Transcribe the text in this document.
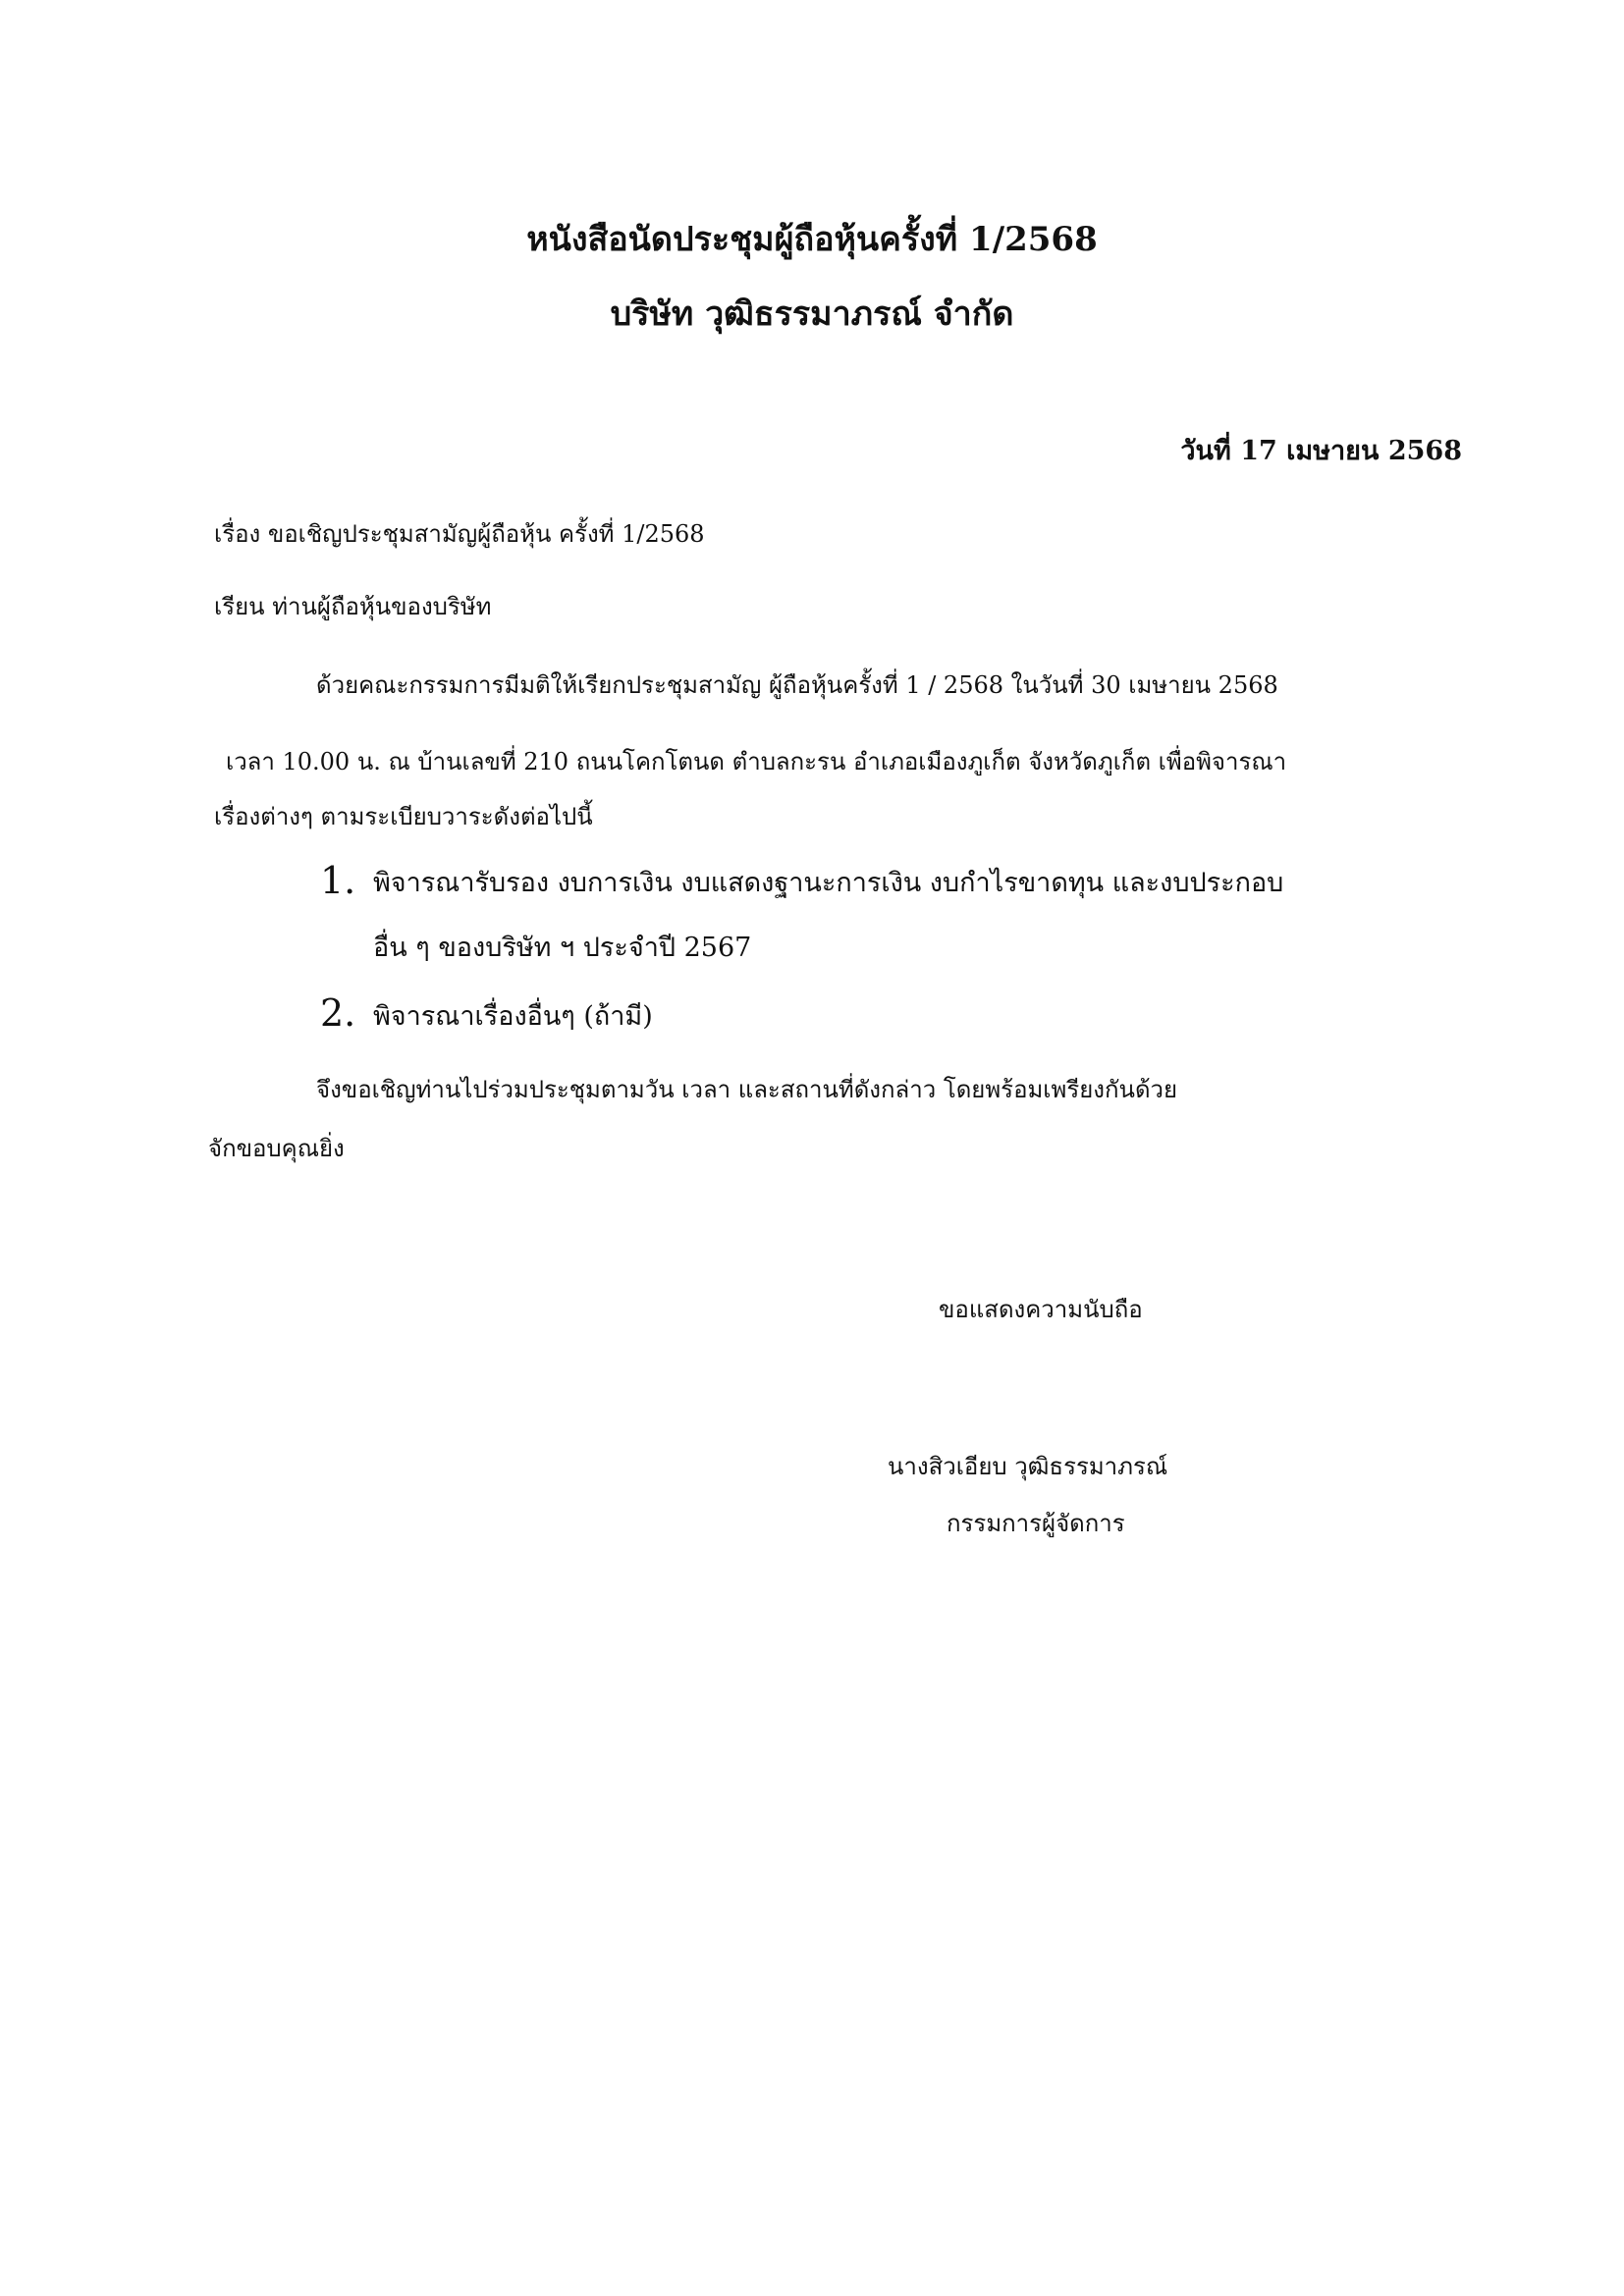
หนังสือนัดประชุมผู้ถือหุ้นครั้งที่ 1/2568
บริษัท วุฒิธรรมาภรณ์ จำกัด
วันที่ 17 เมษายน 2568
เรื่อง ขอเชิญประชุมสามัญผู้ถือหุ้น ครั้งที่ 1/2568
เรียน ท่านผู้ถือหุ้นของบริษัท
ด้วยคณะกรรมการมีมติให้เรียกประชุมสามัญ ผู้ถือหุ้นครั้งที่ 1 / 2568 ในวันที่ 30 เมษายน 2568
เวลา 10.00 น. ณ บ้านเลขที่ 210 ถนนโคกโตนด ตำบลกะรน อำเภอเมืองภูเก็ต จังหวัดภูเก็ต เพื่อพิจารณา
เรื่องต่างๆ ตามระเบียบวาระดังต่อไปนี้
1. พิจารณารับรอง งบการเงิน งบแสดงฐานะการเงิน งบกำไรขาดทุน และงบประกอบ
อื่น ๆ ของบริษัท ฯ ประจำปี 2567
2. พิจารณาเรื่องอื่นๆ (ถ้ามี)
จึงขอเชิญท่านไปร่วมประชุมตามวัน เวลา และสถานที่ดังกล่าว โดยพร้อมเพรียงกันด้วย
จักขอบคุณยิ่ง
ขอแสดงความนับถือ
นางสิวเอียบ วุฒิธรรมาภรณ์
กรรมการผู้จัดการ
